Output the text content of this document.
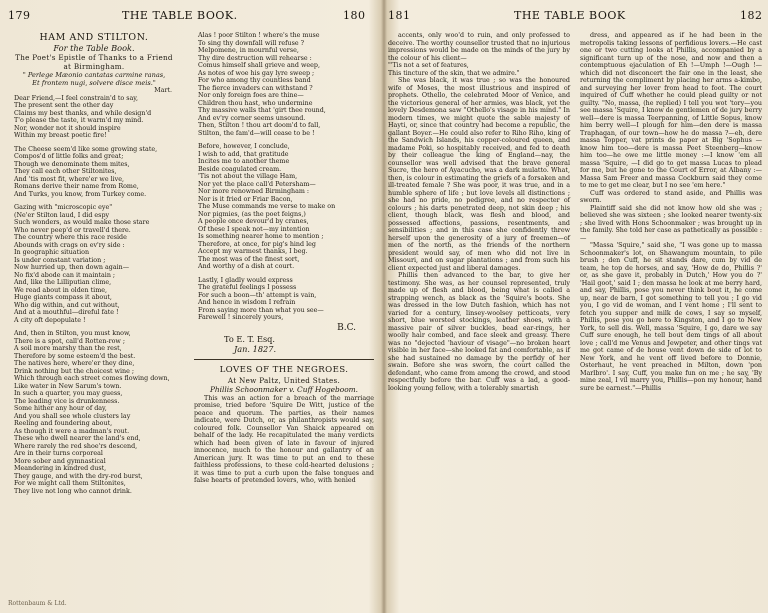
179	THE TABLE BOOK.	180

HAM AND STILTON.

For the Table Book.

The Poet's Epistle of Thanks to a Friend at Birmingham.

" Perlege Mæonio cantatas carmine ranas,

Et frontem nugi, solvere disce meis."

Mart.

Dear Friend,—I feel constrain'd to say,

The present sent the other day

Claims my best thanks, and while design'd

T'o please the taste, it warm'd my mind.

Nor, wonder not it should inspire

Within my breast poetic fire!

The Cheese seem'd like some growing state,

Compos'd of little folks and great;

Though we denominate them mites,

They call each other Stiltonites,

And 'tis most fit, where'er we live,

Romans derive their name from Rome,

And Turks, you know, from Turkey come.

Gazing with "microscopic eye"

(Ne'er Stilton laud, I did espy

Such wonders, as would make those stare

Who never peep'd or travell'd there.

The country where this race reside

Abounds with crags on ev'ry side :

In geographic situation

Is under constant variation ;

Now hurried up, then down again—

No fix'd abode can it maintain ;

And, like the Lilliputian clime,

We read about in olden time,

Huge giants compass it about,

Who dig within, and cut without,

And at a mouthful—direful fate !

A city oft depopulate !

And, then in Stilton, you must know,

There is a spot, call'd Rotten-row ;

A soil more marshy than the rest,

Therefore by some esteem'd the best.

The natives here, where'er they dine,

Drink nothing but the choicest wine ;

Which through each street comes flowing down,

Like water in New Sarum's town.

In such a quarter, you may guess,

The leading vice is drunkenness.

Some hither any hour of day,

And you shall see whole clusters lay

Reeling and foundering about,

As though it were a madman's rout.

These who dwell nearer the land's end,

Where rarely the red shoe'rs descend,

Are in their turns corporeal

More sober and gymnastical

Meandering in kindred dust,

They gauge, and with the dry-rod burst,

For we might call them Stiltonites,

They live not long who cannot drink.

Alas ! poor Stilton ! where's the muse

To sing thy downfall will refuse ?

Melpomene, in mournful verse,

Thy dire destruction will rehearse :

Comus himself shall grieve and weep,

As notes of woe his gay lyre sweep ;

For who among thy countless band

The fierce invaders can withstand ?

Nor only foreign foes are thine—

Children thou hast, who undermine

Thy massive walls that 'girt thee round,

And ev'ry corner seems unsound.

Then, Stilton ! thou art doom'd to fall,

Stilton, the fam'd—will cease to be !

Before, however, I conclude,

I wish to add, that gratitude

Incites me to another theme

Beside coagulated cream.

'Tis not about the village Ham,

Nor yet the place call'd Petersham—

Nor more renowned Birmingham :

Nor is it fried or Friar Bacon,

The Muse commands me verse to make on

Nor pigmies, (as the poet feigns,)

A people once devour'd by cranes,

Of these I speak not—my intention

Is something nearer home to mention ;

Therefore, at once, for pig's hind leg

Accept my warmest thanks, I beg.

The most was of the finest sort,

And worthy of a dish at court.

Lastly, I gladly would express

The grateful feelings I possess

For such a boon—th' attempt is vain,

And hence in wisdom I refrain

From saying more than what you see—

Farewell ! sincerely yours,

B.C.

To E. T. Esq.

Jan. 1827.

LOVES OF THE NEGROES.

At New Paltz, United States.

Phillis Schoonmaker v. Cuff Hogeboom.

This was an action for a breach of the marriage promise, tried before 'Squire De Witt, justice of the peace and quorum. The parties, as their names indicate, were Dutch, or, as philanthropists would say, coloured folk. Counsellor Van Shaick appeared on behalf of the lady. He recapitulated the many verdicts which had been given of late in favour of injured innocence, much to the honour and gallantry of an American jury. It was time to put an end to these faithless professions, to these cold-hearted delusions ; it was time to put a curb upon the false tongues and false hearts of pretended lovers, who, with henied

181	THE TABLE BOOK	182

accents, only woo'd to ruin, and only professed to deceive. The worthy counsellor trusted that no injurious impressions would be made on the minds of the jury by the colour of his client—

"'Tis not a set of features,
This tincture of the skin, that we admire."

She was black, it was true ; so was the honoured wife of Moses, the most illustrious and inspired of prophets. Othello, the celebrated Moor of Venice, and the victorious general of her armies, was black, yet the lovely Desdemona saw "Othello's visage in his mind." In modern times, we might quote the sable majesty of Hayti, or, since that country had become a republic, the gallant Boyer.—He could also refer to Riho Riho, king of the Sandwich Islands, his copper-coloured queen, and madame Poki, so hospitably received, and fed to death by their colleague the king of England—nay, the counsellor was well advised that the brave general Sucre, the hero of Ayacucho, was a dark mulatto. What, then, is colour in estimating the griefs of a forsaken and ill-treated female ? She was poor, it was true, and in a humble sphere of life ; but love levels all distinctions ; she had no pride, no pedigree, and no respecter of colours ; his darts penetrated deep, not skin deep ; his client, though black, was flesh and blood, and possessed affections, passions, resentments, and sensibilities ; and in this case she confidently threw herself upon the generosity of a jury of freemen—of men of the north, as the friends of the northern president would say, of men who did not live in Missouri, and on sugar plantations ; and from such his client expected just and liberal damages.

Phillis then advanced to the bar, to give her testimony. She was, as her counsel represented, truly made up of flesh and blood, being what is called a strapping wench, as black as the 'Squire's boots. She was dressed in the low Dutch fashion, which has not varied for a century, linsey-woolsey petticoats, very short, blue worsted stockings, leather shoes, with a massive pair of silver buckles, bead ear-rings, her woolly hair combed, and face sleek and greasy. There was no "dejected 'haviour of visage"—no broken heart visible in her face—she looked fat and comfortable, as if she had sustained no damage by the perfidy of her swain. Before she was sworn, the court called the defendant, who came from among the crowd, and stood respectfully before the bar. Cuff was a lad, a good-looking young fellow, with a tolerably smartish

dress, and appeared as if he had been in the metropolis taking lessons of perfidious lovers.—He cast one or two cutting looks at Phillis, accompanied by a significant turn up of the nose, and now and then a contemptuous ejaculation of Eh !—Umph !—Ough !—which did not disconcert the fair one in the least, she returning the compliment by placing her arms a-kimbo, and surveying her lover from head to foot. The court inquired of Cuff whether he could plead guilty or not guilty. "No, massa, (he replied) I tell you wot 'tory—you see massa 'Squire, I know de gentlemen of de jury berry well—dere is massa Teerpanning, of Little Sopus, know him berry well—I plough for him—den dere is massa Traphagan, of our town—how he do massa ?—eh, dere massa Topper, vat prints de paper at Big 'Sophus —know him too—dere is massa Peet Steenberg—know him too—he owe me little money :—I know 'em all massa 'Squire, —I did go to get massa Lucas to plead for me, but he gone to the Court of Error, at Albany :—Massa Sam Freer and massa Cockburn said they come to me to get me clear, but I no see 'em here."

Cuff was ordered to stand aside, and Phillis was sworn.

Plaintiff said she did not know how old she was ; believed she was sixteen ; she looked nearer twenty-six ; she lived with Hons Schoonmaker ; was brought up in the family. She told her case as pathetically as possible :—

"Massa 'Squire," said she, "I was gone up to massa Schoonmaker's lot, on Shawangum mountain, to pile brush ; den Cuff, he sit stands dare, cum by vid de team, he top de horses, and say, 'How de do, Phillis ?' or, as she gave it, probably in Dutch,' How you do ?' 'Hail goot,' said I ; den massa he look at me berry hard, and say, Phillis, pose you never think bout it, he come up, near de barn, I got something to tell you ; I go vid you, I go vid de woman, and I vent home ; I'll sent to fetch you supper and milk de cows, I say so myself, Phillis, pose you go here to Kingston, and I go to New York, to sell dis. Well, massa 'Squire, I go, dare we say Cuff sure enough, he tell bout dem tings of all about love ; call'd me Venus and Jewpeter, and other tings vat me got came of de house vent down de side of lot to New York, and he vent off lived before to Donnie, Osterhaut, he vent preached in Milton, down 'pon Marlbro'. I say, Cuff, you make fun on me ; he say, 'By mine zeal, I vil marry you, Phillis—pon my honour, hand sure be earnest."—Phillis

Rottenbaum & Ltd.
